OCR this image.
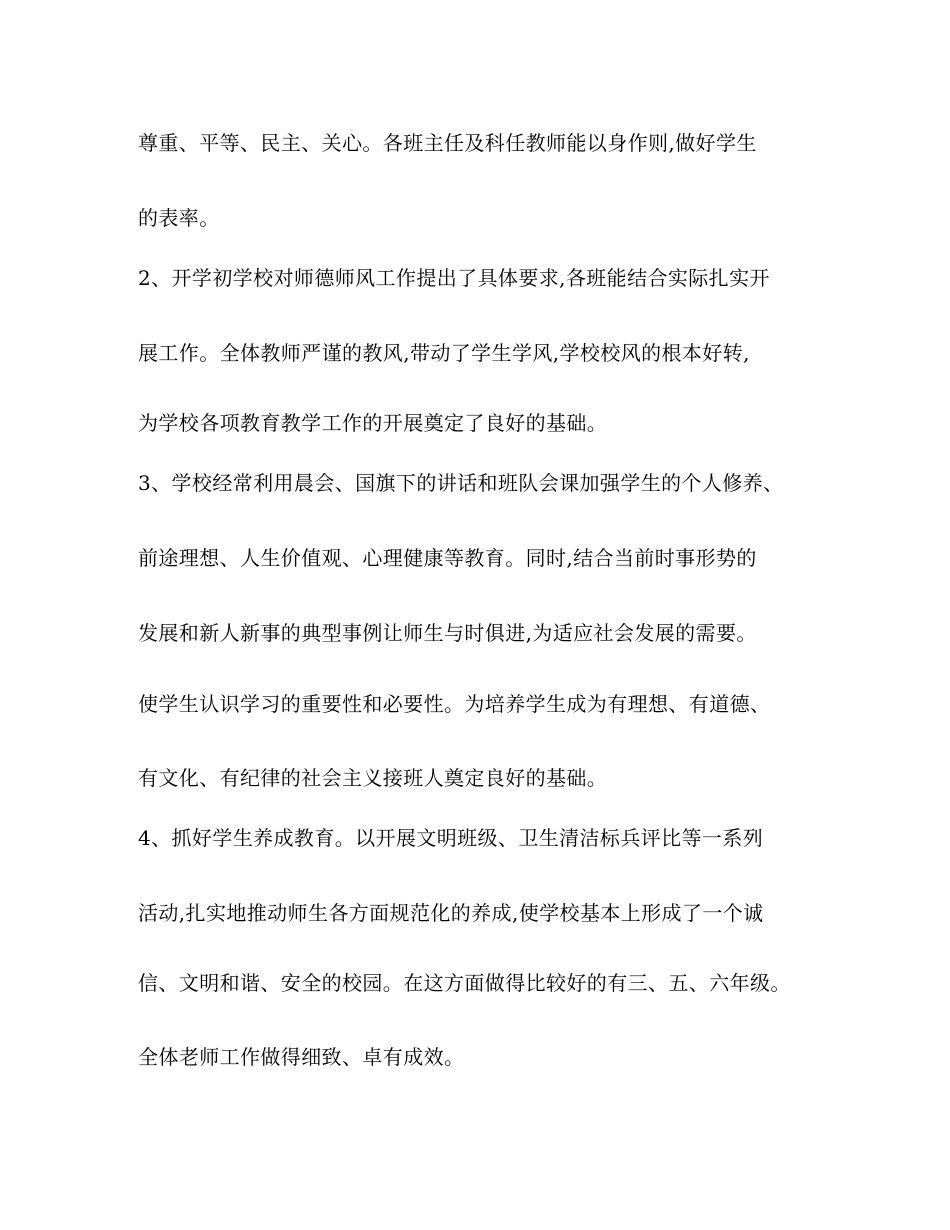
尊重、平等、民主、关心。各班主任及科任教师能以身作则,做好学生
的表率。
2、开学初学校对师德师风工作提出了具体要求,各班能结合实际扎实开
展工作。全体教师严谨的教风,带动了学生学风,学校校风的根本好转,
为学校各项教育教学工作的开展奠定了良好的基础。
3、学校经常利用晨会、国旗下的讲话和班队会课加强学生的个人修养、
前途理想、人生价值观、心理健康等教育。同时,结合当前时事形势的
发展和新人新事的典型事例让师生与时俱进,为适应社会发展的需要。
使学生认识学习的重要性和必要性。为培养学生成为有理想、有道德、
有文化、有纪律的社会主义接班人奠定良好的基础。
4、抓好学生养成教育。以开展文明班级、卫生清洁标兵评比等一系列
活动,扎实地推动师生各方面规范化的养成,使学校基本上形成了一个诚
信、文明和谐、安全的校园。在这方面做得比较好的有三、五、六年级。
全体老师工作做得细致、卓有成效。
